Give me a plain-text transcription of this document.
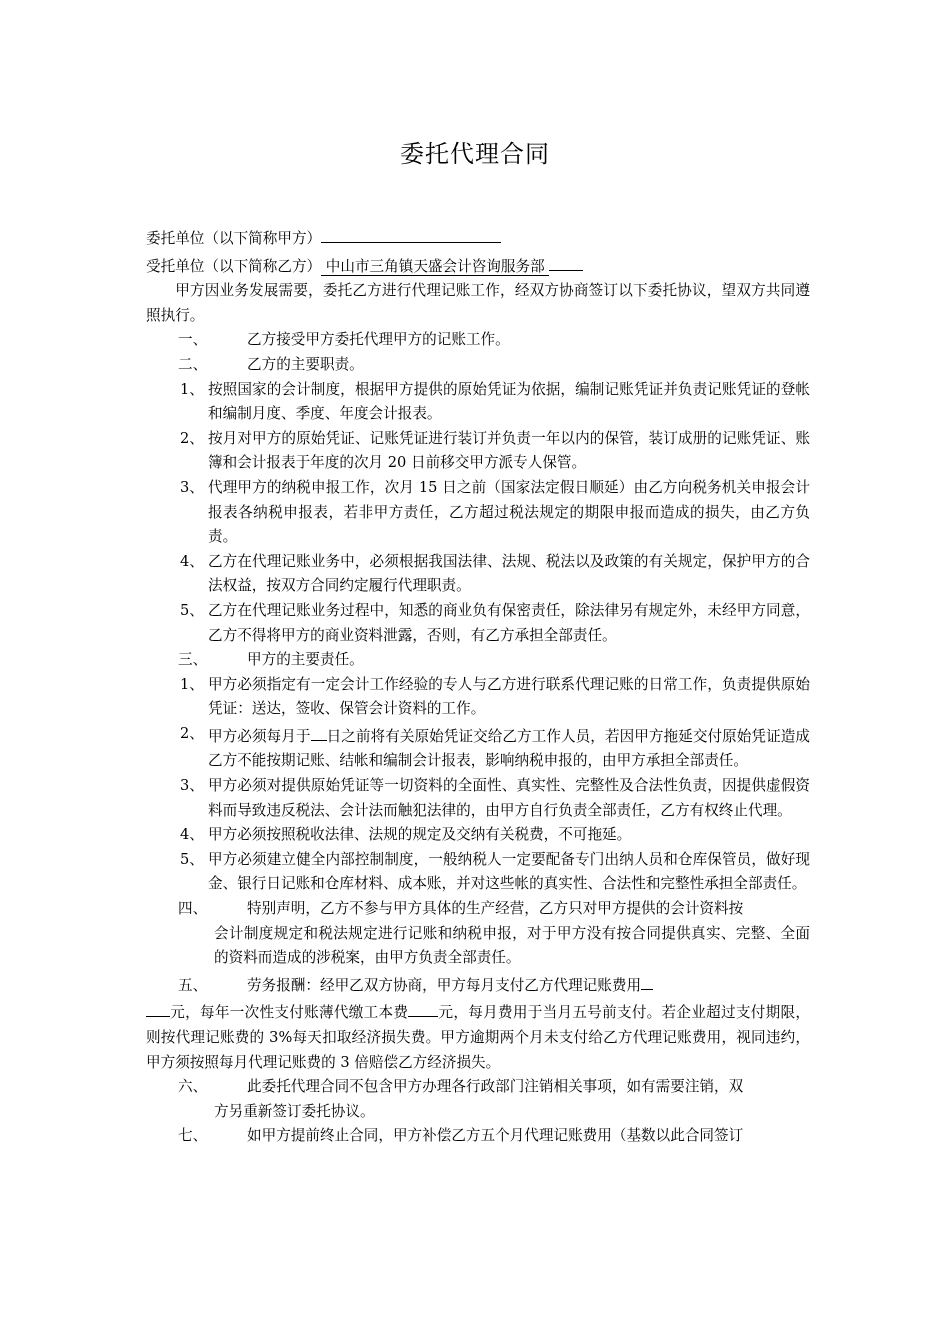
委托代理合同

委托单位（以下简称甲方）

受托单位（以下简称乙方） 中山市三角镇天盛会计咨询服务部

甲方因业务发展需要，委托乙方进行代理记账工作，经双方协商签订以下委托协议，望双方共同遵照执行。

一、	乙方接受甲方委托代理甲方的记账工作。

二、	乙方的主要职责。

1、 按照国家的会计制度，根据甲方提供的原始凭证为依据，编制记账凭证并负责记账凭证的登帐和编制月度、季度、年度会计报表。

2、 按月对甲方的原始凭证、记账凭证进行装订并负责一年以内的保管，装订成册的记账凭证、账簿和会计报表于年度的次月 20 日前移交甲方派专人保管。

3、 代理甲方的纳税申报工作，次月 15 日之前（国家法定假日顺延）由乙方向税务机关申报会计报表各纳税申报表，若非甲方责任，乙方超过税法规定的期限申报而造成的损失，由乙方负责。

4、 乙方在代理记账业务中，必须根据我国法律、法规、税法以及政策的有关规定，保护甲方的合法权益，按双方合同约定履行代理职责。

5、 乙方在代理记账业务过程中，知悉的商业负有保密责任，除法律另有规定外，未经甲方同意，乙方不得将甲方的商业资料泄露，否则，有乙方承担全部责任。

三、	甲方的主要责任。

1、 甲方必须指定有一定会计工作经验的专人与乙方进行联系代理记账的日常工作，负责提供原始凭证：送达，签收、保管会计资料的工作。

2、 甲方必须每月于 日之前将有关原始凭证交给乙方工作人员，若因甲方拖延交付原始凭证造成乙方不能按期记账、结帐和编制会计报表，影响纳税申报的，由甲方承担全部责任。

3、 甲方必须对提供原始凭证等一切资料的全面性、真实性、完整性及合法性负责，因提供虚假资料而导致违反税法、会计法而触犯法律的，由甲方自行负责全部责任，乙方有权终止代理。

4、 甲方必须按照税收法律、法规的规定及交纳有关税费，不可拖延。

5、 甲方必须建立健全内部控制制度，一般纳税人一定要配备专门出纳人员和仓库保管员，做好现金、银行日记账和仓库材料、成本账，并对这些帐的真实性、合法性和完整性承担全部责任。

四、	特别声明，乙方不参与甲方具体的生产经营，乙方只对甲方提供的会计资料按

会计制度规定和税法规定进行记账和纳税申报，对于甲方没有按合同提供真实、完整、全面的资料而造成的涉税案，由甲方负责全部责任。

五、	劳务报酬：经甲乙双方协商，甲方每月支付乙方代理记账费用

元，每年一次性支付账薄代缴工本费 元，每月费用于当月五号前支付。若企业超过支付期限，则按代理记账费的 3%每天扣取经济损失费。甲方逾期两个月未支付给乙方代理记账费用，视同违约，甲方须按照每月代理记账费的 3 倍赔偿乙方经济损失。

六、	此委托代理合同不包含甲方办理各行政部门注销相关事项，如有需要注销，双

方另重新签订委托协议。

七、	如甲方提前终止合同，甲方补偿乙方五个月代理记账费用（基数以此合同签订
